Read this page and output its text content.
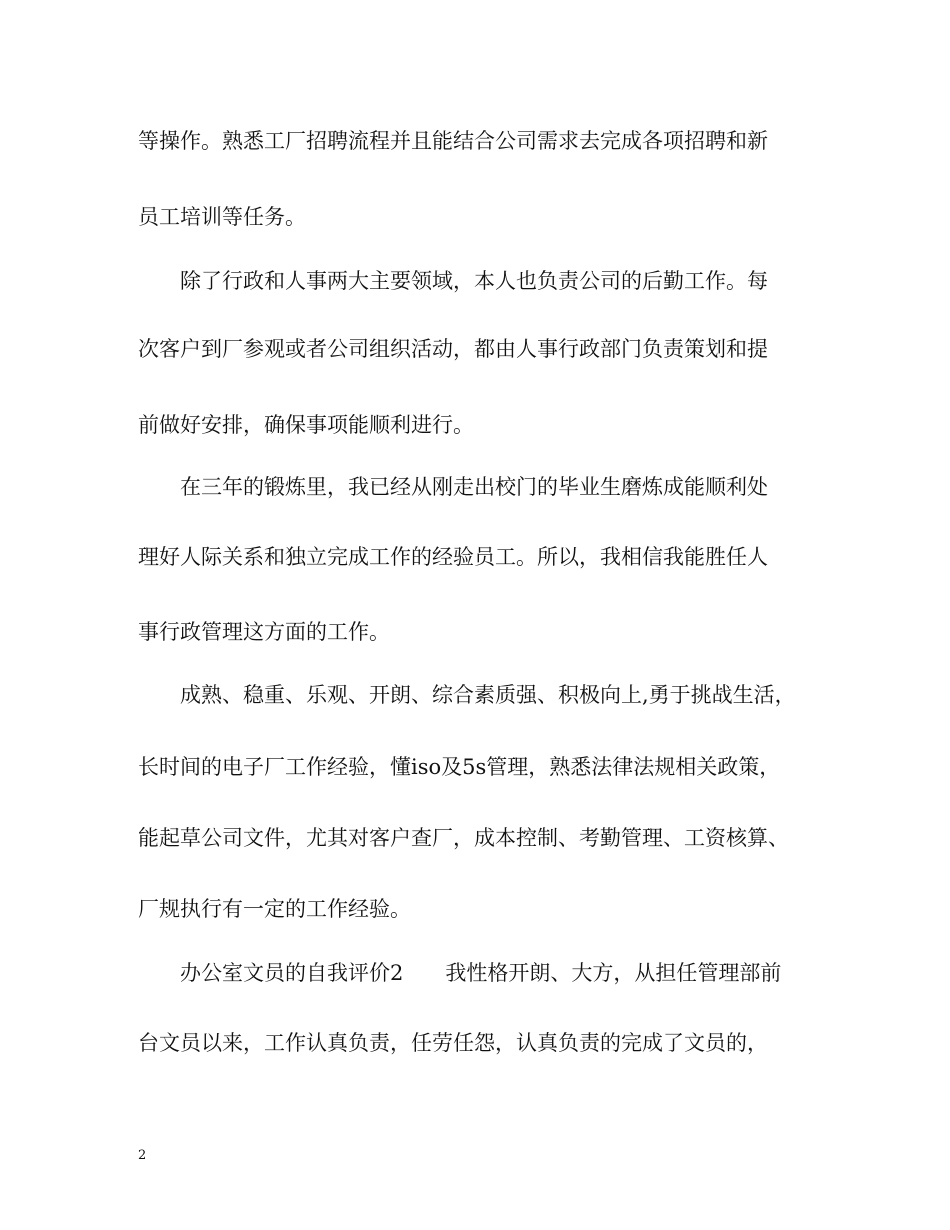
等操作。熟悉工厂招聘流程并且能结合公司需求去完成各项招聘和新
员工培训等任务。
　　除了行政和人事两大主要领域，本人也负责公司的后勤工作。每
次客户到厂参观或者公司组织活动，都由人事行政部门负责策划和提
前做好安排，确保事项能顺利进行。
　　在三年的锻炼里，我已经从刚走出校门的毕业生磨炼成能顺利处
理好人际关系和独立完成工作的经验员工。所以，我相信我能胜任人
事行政管理这方面的工作。
　　成熟、稳重、乐观、开朗、综合素质强、积极向上,勇于挑战生活，
长时间的电子厂工作经验，懂iso及5s管理，熟悉法律法规相关政策，
能起草公司文件，尤其对客户查厂，成本控制、考勤管理、工资核算、
厂规执行有一定的工作经验。
　　办公室文员的自我评价2　　我性格开朗、大方，从担任管理部前
台文员以来，工作认真负责，任劳任怨，认真负责的完成了文员的，
2
